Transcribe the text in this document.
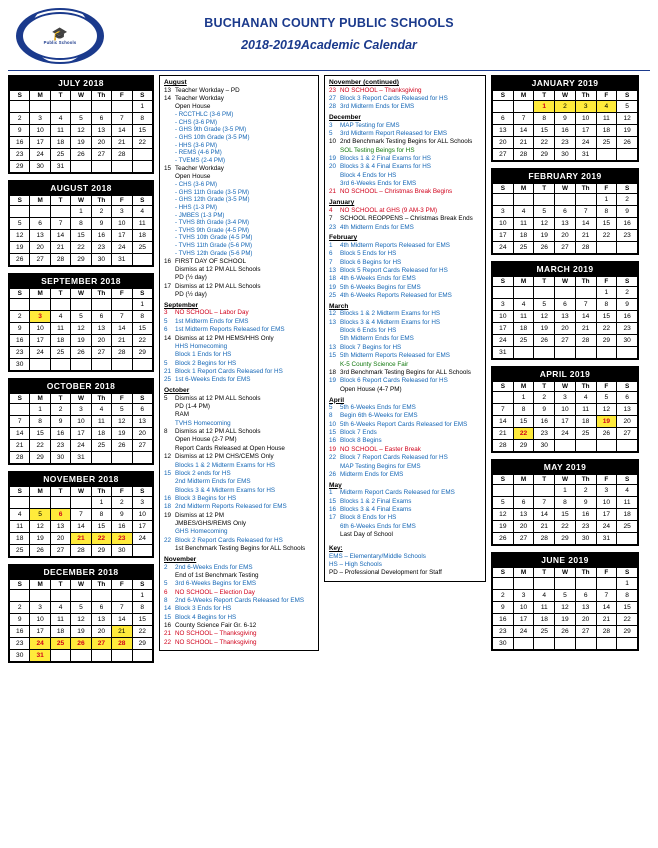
🎓
Public Schools
BUCHANAN COUNTY PUBLIC SCHOOLS
2018-2019Academic Calendar
JULY 2018
S	M	T	W	Th	F	S
						1
2	3	4	5	6	7	8
9	10	11	12	13	14	15
16	17	18	19	20	21	22
23	24	25	26	27	28	
29	30	31				
AUGUST 2018
S	M	T	W	Th	F	S
			1	2	3	4
5	6	7	8	9	10	11
12	13	14	15	16	17	18
19	20	21	22	23	24	25
26	27	28	29	30	31	
SEPTEMBER 2018
S	M	T	W	Th	F	S
						1
2	3	4	5	6	7	8
9	10	11	12	13	14	15
16	17	18	19	20	21	22
23	24	25	26	27	28	29
30						
OCTOBER 2018
S	M	T	W	Th	F	S
	1	2	3	4	5	6
7	8	9	10	11	12	13
14	15	16	17	18	19	20
21	22	23	24	25	26	27
28	29	30	31			
NOVEMBER 2018
S	M	T	W	Th	F	S
				1	2	3
4	5	6	7	8	9	10
11	12	13	14	15	16	17
18	19	20	21	22	23	24
25	26	27	28	29	30	
DECEMBER 2018
S	M	T	W	Th	F	S
						1
2	3	4	5	6	7	8
9	10	11	12	13	14	15
16	17	18	19	20	21	22
23	24	25	26	27	28	29
30	31					
August
13 Teacher Workday – PD
14 Teacher Workday
Open House
- RCCTHLC (3-6 PM)
- CHS (3-6 PM)
- GHS 9th Grade (3-5 PM)
- GHS 10th Grade (3-5 PM)
- HHS (3-6 PM)
- REMS (4-6 PM)
- TVEMS (2-4 PM)
15 Teacher Workday
Open House
- CHS (3-6 PM)
- GHS 11th Grade (3-5 PM)
- GHS 12th Grade (3-5 PM)
- HHS (1-3 PM)
- JMBES (1-3 PM)
- TVHS 8th Grade (3-4 PM)
- TVHS 9th Grade (4-5 PM)
- TVHS 10th Grade (4-5 PM)
- TVHS 11th Grade (5-6 PM)
- TVHS 12th Grade (5-6 PM)
16 FIRST DAY OF SCHOOL
Dismiss at 12 PM ALL Schools
PD (½ day)
17 Dismiss at 12 PM ALL Schools
PD (½ day)
September
3	NO SCHOOL – Labor Day
5	1st Midterm Ends for EMS
6	1st Midterm Reports Released for EMS
14 Dismiss at 12 PM HEMS/HHS Only
HHS Homecoming
Block 1 Ends for HS
5	Block 2 Begins for HS
21 Block 1 Report Cards Released for HS
25 1st 6-Weeks Ends for EMS
October
5	Dismiss at 12 PM ALL Schools
PD (1-4 PM)
RAM
TVHS Homecoming
8	Dismiss at 12 PM ALL Schools
Open House (2-7 PM)
Report Cards Released at Open House
12 Dismiss at 12 PM CHS/CEMS Only
Blocks 1 & 2 Midterm Exams for HS
15 Block 2 ends for HS
2nd Midterm Ends for EMS
Blocks 3 & 4 Midterm Exams for HS
16 Block 3 Begins for HS
18 2nd Midterm Reports Released for EMS
19 Dismiss at 12 PM
JMBES/GHS/REMS Only
GHS Homecoming
22 Block 2 Report Cards Released for HS
1st Benchmark Testing Begins for ALL Schools
November
2	2nd 6-Weeks Ends for EMS
End of 1st Benchmark Testing
5	3rd 6-Weeks Begins for EMS
6	NO SCHOOL – Election Day
8	2nd 6-Weeks Report Cards Released for EMS
14 Block 3 Ends for HS
15 Block 4 Begins for HS
16 County Science Fair Gr. 6-12
21 NO SCHOOL – Thanksgiving
22 NO SCHOOL – Thanksgiving
November (continued)
23 NO SCHOOL – Thanksgiving
27 Block 3 Report Cards Released for HS
28 3rd Midterm Ends for EMS
December
3	MAP Testing for EMS
5	3rd Midterm Report Released for EMS
10 2nd Benchmark Testing Begins for ALL Schools
SOL Testing Beings for HS
19 Blocks 1 & 2 Final Exams for HS
20 Blocks 3 & 4 Final Exams for HS
Block 4 Ends for HS
3rd 6-Weeks Ends for EMS
21 NO SCHOOL – Christmas Break Begins
January
4	NO SCHOOL at GHS (9 AM-3 PM)
7	SCHOOL REOPPENS – Christmas Break Ends
23 4th Midterm Ends for EMS
February
1	4th Midterm Reports Released for EMS
6	Block 5 Ends for HS
7	Block 6 Begins for HS
13 Block 5 Report Cards Released for HS
18 4th 6-Weeks Ends for EMS
19 5th 6-Weeks Begins for EMS
25 4th 6-Weeks Reports Released for EMS
March
12 Blocks 1 & 2 Midterm Exams for HS
13 Blocks 3 & 4 Midterm Exams for HS
Block 6 Ends for HS
5th Midterm Ends for EMS
13 Block 7 Begins for HS
15 5th Midterm Reports Released for EMS
K-5 County Science Fair
18 3rd Benchmark Testing Begins for ALL Schools
19 Block 6 Report Cards Released for HS
Open House (4-7 PM)
April
5	5th 6-Weeks Ends for EMS
8	Begin 6th 6-Weeks for EMS
10 5th 6-Weeks Report Cards Released for EMS
15 Block 7 Ends
16 Block 8 Begins
19 NO SCHOOL – Easter Break
22 Block 7 Report Cards Released for HS
MAP Testing Begins for EMS
26 Midterm Ends for EMS
May
1	Midterm Report Cards Released for EMS
15 Blocks 1 & 2 Final Exams
16 Blocks 3 & 4 Final Exams
17 Block 8 Ends for HS
6th 6-Weeks Ends for EMS
Last Day of School
Key:
EMS – Elementary/Middle Schools
HS – High Schools
PD – Professional Development for Staff
JANUARY 2019
S	M	T	W	Th	F	S
		1	2	3	4	5
6	7	8	9	10	11	12
13	14	15	16	17	18	19
20	21	22	23	24	25	26
27	28	29	30	31		
FEBRUARY 2019
S	M	T	W	Th	F	S
					1	2
3	4	5	6	7	8	9
10	11	12	13	14	15	16
17	18	19	20	21	22	23
24	25	26	27	28		
MARCH 2019
S	M	T	W	Th	F	S
					1	2
3	4	5	6	7	8	9
10	11	12	13	14	15	16
17	18	19	20	21	22	23
24	25	26	27	28	29	30
31						
APRIL 2019
S	M	T	W	Th	F	S
	1	2	3	4	5	6
7	8	9	10	11	12	13
14	15	16	17	18	19	20
21	22	23	24	25	26	27
28	29	30				
MAY 2019
S	M	T	W	Th	F	S
			1	2	3	4
5	6	7	8	9	10	11
12	13	14	15	16	17	18
19	20	21	22	23	24	25
26	27	28	29	30	31	
JUNE 2019
S	M	T	W	Th	F	S
						1
2	3	4	5	6	7	8
9	10	11	12	13	14	15
16	17	18	19	20	21	22
23	24	25	26	27	28	29
30						
